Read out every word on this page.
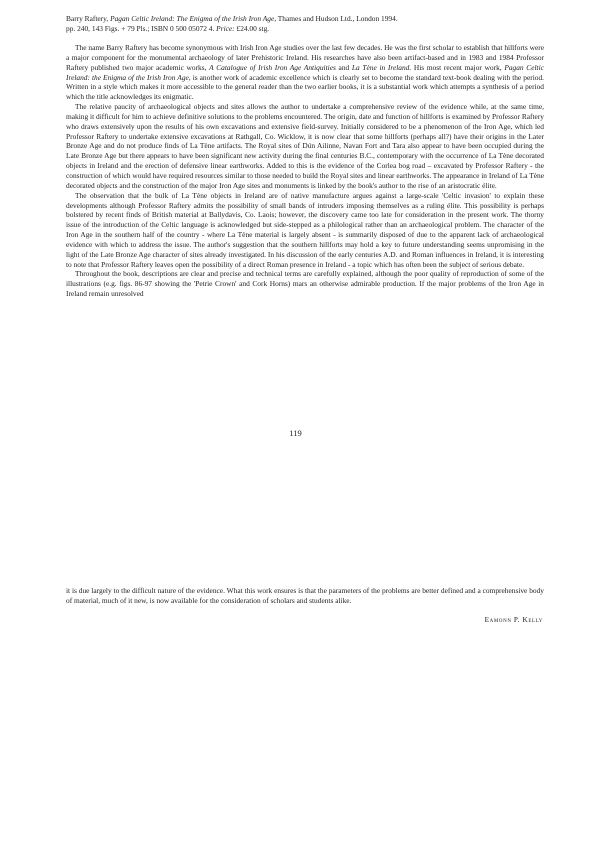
Barry Raftery, Pagan Celtic Ireland: The Enigma of the Irish Iron Age, Thames and Hudson Ltd., London 1994.
pp. 240, 143 Figs. + 79 Pls.; ISBN 0 500 05072 4. Price: £24.00 stg.

The name Barry Raftery has become synonymous with Irish Iron Age studies over the last few decades. He was the first scholar to establish that hillforts were a major component for the monumental archaeology of later Prehistoric Ireland. His researches have also been artifact-based and in 1983 and 1984 Professor Raftery published two major academic works, A Catalogue of Irish Iron Age Antiquities and La Tène in Ireland. His most recent major work, Pagan Celtic Ireland: the Enigma of the Irish Iron Age, is another work of academic excellence which is clearly set to become the standard text-book dealing with the period. Written in a style which makes it more accessible to the general reader than the two earlier books, it is a substantial work which attempts a synthesis of a period which the title acknowledges its enigmatic.

The relative paucity of archaeological objects and sites allows the author to undertake a comprehensive review of the evidence while, at the same time, making it difficult for him to achieve definitive solutions to the problems encountered. The origin, date and function of hillforts is examined by Professor Raftery who draws extensively upon the results of his own excavations and extensive field-survey. Initially considered to be a phenomenon of the Iron Age, which led Professor Raftery to undertake extensive excavations at Rathgall, Co. Wicklow, it is now clear that some hillforts (perhaps all?) have their origins in the Later Bronze Age and do not produce finds of La Tène artifacts. The Royal sites of Dún Ailinne, Navan Fort and Tara also appear to have been occupied during the Late Bronze Age but there appears to have been significant new activity during the final centuries B.C., contemporary with the occurrence of La Tène decorated objects in Ireland and the erection of defensive linear earthworks. Added to this is the evidence of the Corlea bog road – excavated by Professor Raftery - the construction of which would have required resources similar to those needed to build the Royal sites and linear earthworks. The appearance in Ireland of La Tène decorated objects and the construction of the major Iron Age sites and monuments is linked by the book's author to the rise of an aristocratic élite.

The observation that the bulk of La Tène objects in Ireland are of native manufacture argues against a large-scale 'Celtic invasion' to explain these developments although Professor Raftery admits the possibility of small bands of intruders imposing themselves as a ruling élite. This possibility is perhaps bolstered by recent finds of British material at Ballydavis, Co. Laois; however, the discovery came too late for consideration in the present work. The thorny issue of the introduction of the Celtic language is acknowledged but side-stepped as a philological rather than an archaeological problem. The character of the Iron Age in the southern half of the country - where La Tène material is largely absent - is summarily disposed of due to the apparent lack of archaeological evidence with which to address the issue. The author's suggestion that the southern hillforts may hold a key to future understanding seems unpromising in the light of the Late Bronze Age character of sites already investigated. In his discussion of the early centuries A.D. and Roman influences in Ireland, it is interesting to note that Professor Raftery leaves open the possibility of a direct Roman presence in Ireland - a topic which has often been the subject of serious debate.

Throughout the book, descriptions are clear and precise and technical terms are carefully explained, although the poor quality of reproduction of some of the illustrations (e.g. figs. 86-97 showing the 'Petrie Crown' and Cork Horns) mars an otherwise admirable production. If the major problems of the Iron Age in Ireland remain unresolved

119

it is due largely to the difficult nature of the evidence. What this work ensures is that the parameters of the problems are better defined and a comprehensive body of material, much of it new, is now available for the consideration of scholars and students alike.

Eamonn P. Kelly
